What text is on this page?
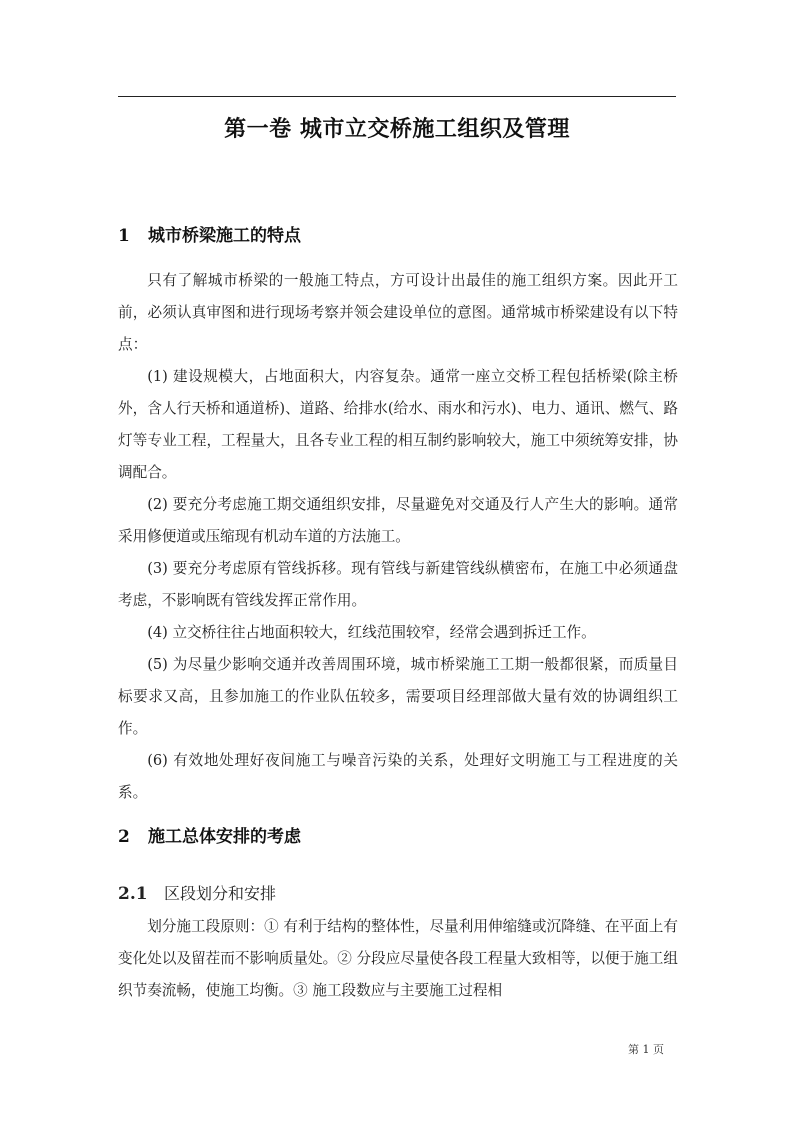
第一卷 城市立交桥施工组织及管理
1 城市桥梁施工的特点

只有了解城市桥梁的一般施工特点，方可设计出最佳的施工组织方案。因此开工前，必须认真审图和进行现场考察并领会建设单位的意图。通常城市桥梁建设有以下特点：

(1) 建设规模大，占地面积大，内容复杂。通常一座立交桥工程包括桥梁(除主桥外，含人行天桥和通道桥)、道路、给排水(给水、雨水和污水)、电力、通讯、燃气、路灯等专业工程，工程量大，且各专业工程的相互制约影响较大，施工中须统筹安排，协调配合。

(2) 要充分考虑施工期交通组织安排，尽量避免对交通及行人产生大的影响。通常采用修便道或压缩现有机动车道的方法施工。

(3) 要充分考虑原有管线拆移。现有管线与新建管线纵横密布，在施工中必须通盘考虑，不影响既有管线发挥正常作用。

(4) 立交桥往往占地面积较大，红线范围较窄，经常会遇到拆迁工作。

(5) 为尽量少影响交通并改善周围环境，城市桥梁施工工期一般都很紧，而质量目标要求又高，且参加施工的作业队伍较多，需要项目经理部做大量有效的协调组织工作。

(6) 有效地处理好夜间施工与噪音污染的关系，处理好文明施工与工程进度的关系。

2 施工总体安排的考虑
2.1 区段划分和安排

划分施工段原则：① 有利于结构的整体性，尽量利用伸缩缝或沉降缝、在平面上有变化处以及留茬而不影响质量处。② 分段应尽量使各段工程量大致相等，以便于施工组织节奏流畅，使施工均衡。③ 施工段数应与主要施工过程相

第 1 页
